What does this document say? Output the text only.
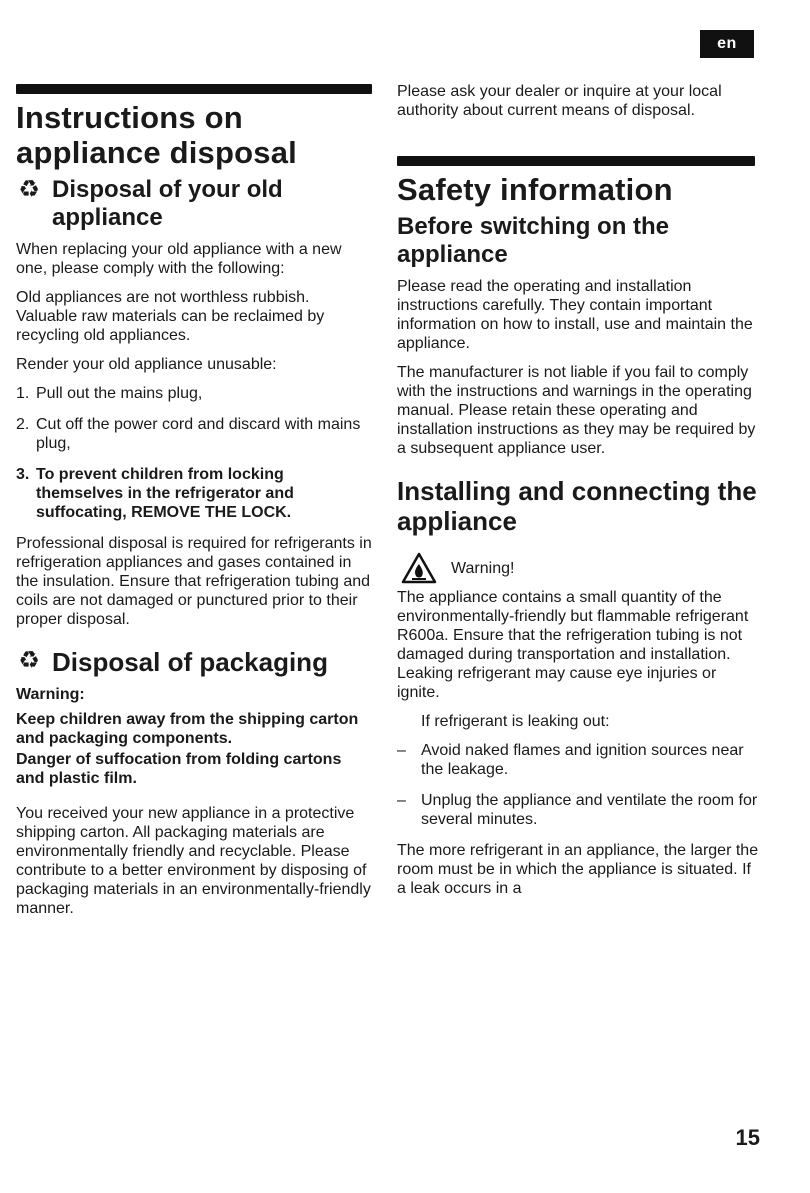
en
Instructions on appliance disposal
♻ Disposal of your old appliance

When replacing your old appliance with a new one, please comply with the following:

Old appliances are not worthless rubbish. Valuable raw materials can be reclaimed by recycling old appliances.

Render your old appliance unusable:

1. Pull out the mains plug,
2. Cut off the power cord and discard with mains plug,
3. To prevent children from locking themselves in the refrigerator and suffocating, REMOVE THE LOCK.

Professional disposal is required for refrigerants in refrigeration appliances and gases contained in the insulation. Ensure that refrigeration tubing and coils are not damaged or punctured prior to their proper disposal.

♻ Disposal of packaging

Warning:

Keep children away from the shipping carton and packaging components.

Danger of suffocation from folding cartons and plastic film.

You received your new appliance in a protective shipping carton. All packaging materials are environmentally friendly and recyclable. Please contribute to a better environment by disposing of packaging materials in an environmentally-friendly manner.

Please ask your dealer or inquire at your local authority about current means of disposal.

Safety information
Before switching on the appliance

Please read the operating and installation instructions carefully. They contain important information on how to install, use and maintain the appliance.

The manufacturer is not liable if you fail to comply with the instructions and warnings in the operating manual. Please retain these operating and installation instructions as they may be required by a subsequent appliance user.

Installing and connecting the appliance
Warning!

The appliance contains a small quantity of the environmentally-friendly but flammable refrigerant R600a. Ensure that the refrigeration tubing is not damaged during transportation and installation. Leaking refrigerant may cause eye injuries or ignite.

If refrigerant is leaking out:

– Avoid naked flames and ignition sources near the leakage.
– Unplug the appliance and ventilate the room for several minutes.

The more refrigerant in an appliance, the larger the room must be in which the appliance is situated. If a leak occurs in a

15
